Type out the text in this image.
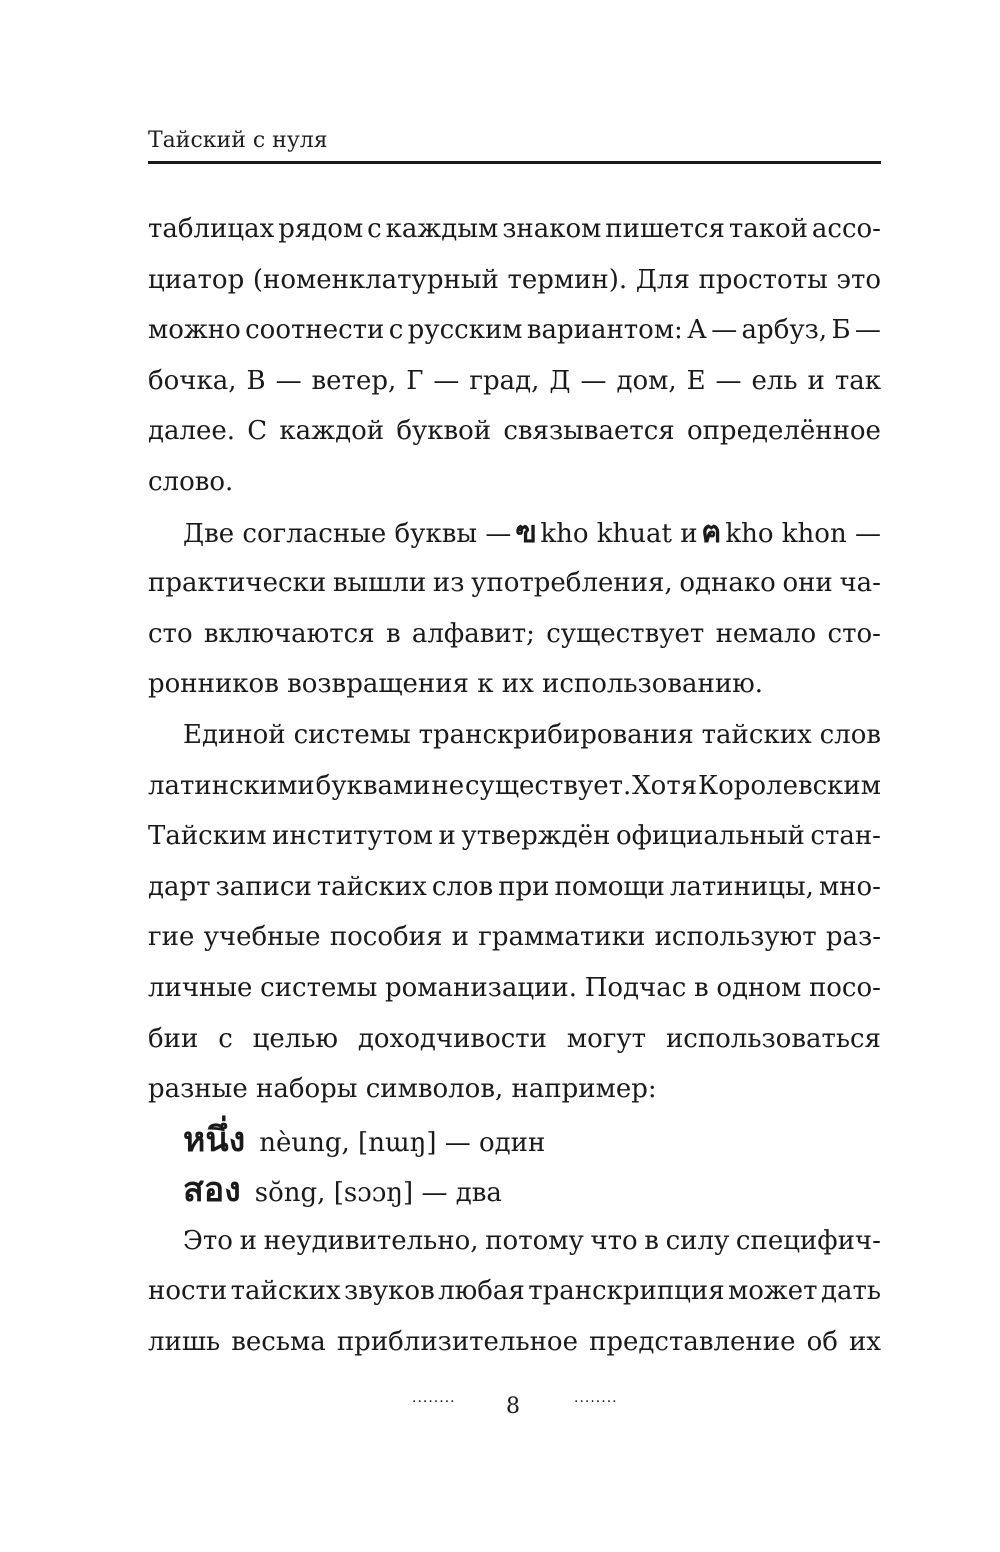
Тайский с нуля
таблицах рядом с каждым знаком пишется такой ассо-
циатор (номенклатурный термин). Для простоты это
можно соотнести с русским вариантом: А — арбуз, Б —
бочка, В — ветер, Г — град, Д — дом, Е — ель и так
далее. С каждой буквой связывается определённое
слово.
Две согласные буквы — ฃ kho khuat и ฅ kho khon —
практически вышли из употребления, однако они ча-
сто включаются в алфавит; существует немало сто-
ронников возвращения к их использованию.
Единой системы транскрибирования тайских слов
латинскими буквами не существует. Хотя Королевским
Тайским институтом и утверждён официальный стан-
дарт записи тайских слов при помощи латиницы, мно-
гие учебные пособия и грамматики используют раз-
личные системы романизации. Подчас в одном посо-
бии с целью доходчивости могут использоваться
разные наборы символов, например:
หนึ่ง nèung, [nɯŋ] — один
สอง sŏng, [sɔɔŋ] — два
Это и неудивительно, потому что в силу специфич-
ности тайских звуков любая транскрипция может дать
лишь весьма приблизительное представление об их
········ 8	········
